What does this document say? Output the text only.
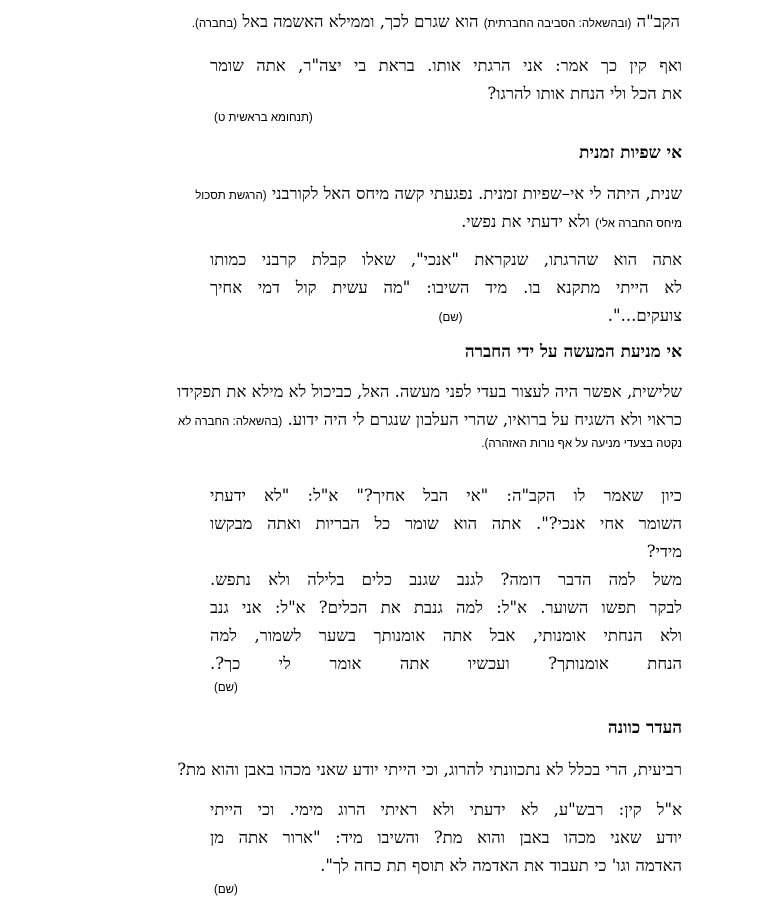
הקב"ה (ובהשאלה: הסביבה החברתית) הוא שגרם לכך, וממילא האשמה באל (בחברה).
ואף קין כך אמר: אני הרגתי אותו. בראת בי יצה"ר, אתה שומר
את הכל ולי הנחת אותו להרגו?
(תנחומא בראשית ט)
אי שפיות זמנית
שנית, היתה לי אי–שפיות זמנית. נפגעתי קשה מיחס האל לקורבני (הרגשת תסכול
מיחס החברה אלי) ולא ידעתי את נפשי.
אתה הוא שהרגתו, שנקראת "אנכי", שאלו קבלת קרבני כמותו
לא הייתי מתקנא בו. מיד השיבו: "מה עשית קול דמי אחיך
צועקים...". (שם)
אי מניעת המעשה על ידי החברה
שלישית, אפשר היה לעצור בעדי לפני מעשה. האל, כביכול לא מילא את תפקידו
כראוי ולא השגיח על ברואיו, שהרי העלבון שנגרם לי היה ידוע. (בהשאלה: החברה לא
נקטה בצעדי מניעה על אף נורות האזהרה).
כיון שאמר לו הקב"ה: "אי הבל אחיך?" א"ל: "לא ידעתי
השומר אחי אנכי?". אתה הוא שומר כל הבריות ואתה מבקשו
מידי?
משל למה הדבר דומה? לגנב שגנב כלים בלילה ולא נתפש.
לבקר תפשו השוער. א"ל: למה גנבת את הכלים? א"ל: אני גנב
ולא הנחתי אומנותי, אבל אתה אומנותך בשער לשמור, למה
הנחת אומנותך? ועכשיו אתה אומר לי כך?.
(שם)
העדר כוונה
רביעית, הרי בכלל לא נתכוונתי להרוג, וכי הייתי יודע שאני מכהו באבן והוא מת?
א"ל קין: רבש"ע, לא ידעתי ולא ראיתי הרוג מימי. וכי הייתי
יודע שאני מכהו באבן והוא מת? והשיבו מיד: "ארור אתה מן
האדמה וגו' כי תעבוד את האדמה לא תוסף תת כחה לך".
(שם)
